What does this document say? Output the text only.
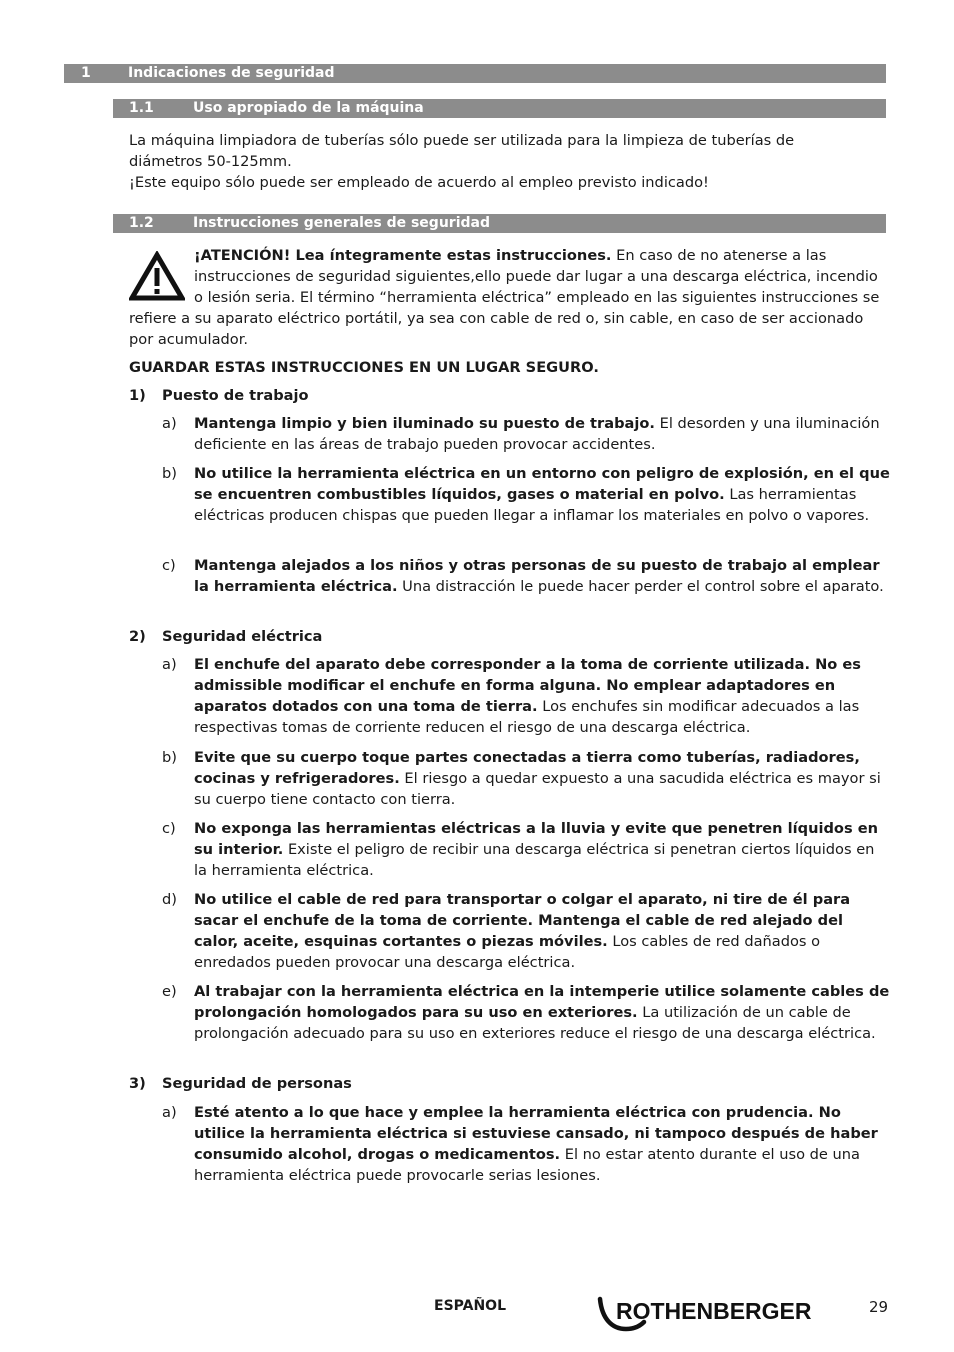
1	Indicaciones de seguridad
1.1	Uso apropiado de la máquina
La máquina limpiadora de tuberías sólo puede ser utilizada para la limpieza de tuberías de diámetros 50-125mm.
¡Este equipo sólo puede ser empleado de acuerdo al empleo previsto indicado!
1.2	Instrucciones generales de seguridad
¡ATENCIÓN! Lea íntegramente estas instrucciones. En caso de no atenerse a las instrucciones de seguridad siguientes,ello puede dar lugar a una descarga eléctrica, incendio o lesión seria. El término “herramienta eléctrica” empleado en las siguientes instrucciones se refiere a su aparato eléctrico portátil, ya sea con cable de red o, sin cable, en caso de ser accionado por acumulador.
GUARDAR ESTAS INSTRUCCIONES EN UN LUGAR SEGURO.
1) Puesto de trabajo
a) Mantenga limpio y bien iluminado su puesto de trabajo. El desorden y una iluminación deficiente en las áreas de trabajo pueden provocar accidentes.
b) No utilice la herramienta eléctrica en un entorno con peligro de explosión, en el que se encuentren combustibles líquidos, gases o material en polvo. Las herramientas eléctricas producen chispas que pueden llegar a inflamar los materiales en polvo o vapores.
c) Mantenga alejados a los niños y otras personas de su puesto de trabajo al emplear la herramienta eléctrica. Una distracción le puede hacer perder el control sobre el aparato.
2) Seguridad eléctrica
a) El enchufe del aparato debe corresponder a la toma de corriente utilizada. No es admissible modificar el enchufe en forma alguna. No emplear adaptadores en aparatos dotados con una toma de tierra. Los enchufes sin modificar adecuados a las respectivas tomas de corriente reducen el riesgo de una descarga eléctrica.
b) Evite que su cuerpo toque partes conectadas a tierra como tuberías, radiadores, cocinas y refrigeradores. El riesgo a quedar expuesto a una sacudida eléctrica es mayor si su cuerpo tiene contacto con tierra.
c) No exponga las herramientas eléctricas a la lluvia y evite que penetren líquidos en su interior. Existe el peligro de recibir una descarga eléctrica si penetran ciertos líquidos en la herramienta eléctrica.
d) No utilice el cable de red para transportar o colgar el aparato, ni tire de él para sacar el enchufe de la toma de corriente. Mantenga el cable de red alejado del calor, aceite, esquinas cortantes o piezas móviles. Los cables de red dañados o enredados pueden provocar una descarga eléctrica.
e) Al trabajar con la herramienta eléctrica en la intemperie utilice solamente cables de prolongación homologados para su uso en exteriores. La utilización de un cable de prolongación adecuado para su uso en exteriores reduce el riesgo de una descarga eléctrica.
3) Seguridad de personas
a) Esté atento a lo que hace y emplee la herramienta eléctrica con prudencia. No utilice la herramienta eléctrica si estuviese cansado, ni tampoco después de haber consumido alcohol, drogas o medicamentos. El no estar atento durante el uso de una herramienta eléctrica puede provocarle serias lesiones.
ESPAÑOL	ROTHENBERGER	29
